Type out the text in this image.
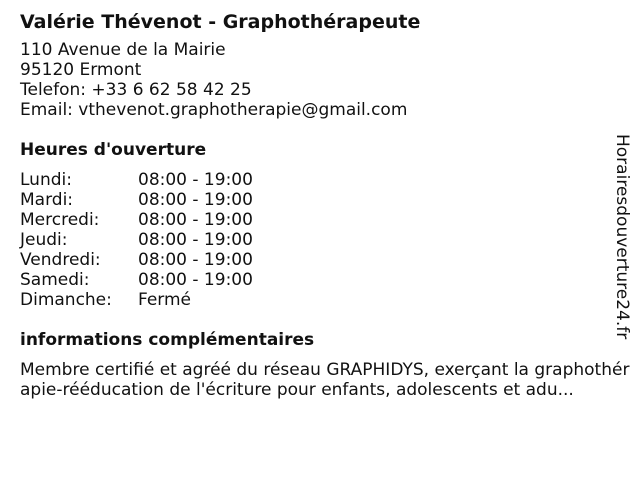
Valérie Thévenot - Graphothérapeute
110 Avenue de la Mairie
95120 Ermont
Telefon: +33 6 62 58 42 25
Email: vthevenot.graphotherapie@gmail.com
Heures d'ouverture
Lundi:	08:00 - 19:00
Mardi:	08:00 - 19:00
Mercredi:	08:00 - 19:00
Jeudi:	08:00 - 19:00
Vendredi:	08:00 - 19:00
Samedi:	08:00 - 19:00
Dimanche:	Fermé
informations complémentaires
Membre certifié et agréé du réseau GRAPHIDYS, exerçant la graphothérapie-rééducation de l'écriture pour enfants, adolescents et adu...
Horairesdouverture24.fr
